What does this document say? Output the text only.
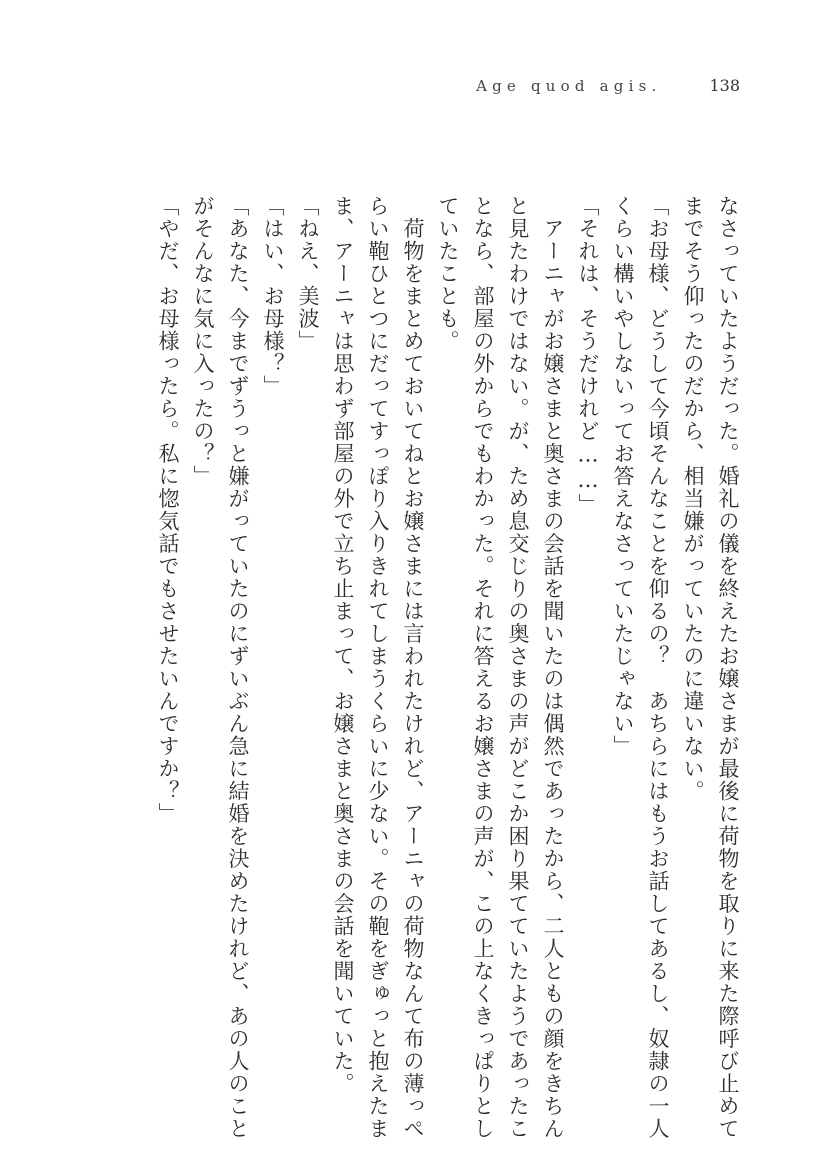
Age quod agis.	138

なさっていたようだった。婚礼の儀を終えたお嬢さまが最後に荷物を取りに来た際呼び止めて

までそう仰ったのだから、相当嫌がっていたのに違いない。

「お母様、どうして今頃そんなことを仰るの？　あちらにはもうお話してあるし、奴隷の一人

くらい構いやしないってお答えなさっていたじゃない」

「それは、そうだけれど……」

　アーニャがお嬢さまと奥さまの会話を聞いたのは偶然であったから、二人ともの顔をきちん

と見たわけではない。が、ため息交じりの奥さまの声がどこか困り果てていたようであったこ

となら、部屋の外からでもわかった。それに答えるお嬢さまの声が、この上なくきっぱりとし

ていたことも。

　荷物をまとめておいてねとお嬢さまには言われたけれど、アーニャの荷物なんて布の薄っぺ

らい鞄ひとつにだってすっぽり入りきれてしまうくらいに少ない。その鞄をぎゅっと抱えたま

ま、アーニャは思わず部屋の外で立ち止まって、お嬢さまと奥さまの会話を聞いていた。

「ねえ、美波」

「はい、お母様？」

「あなた、今までずうっと嫌がっていたのにずいぶん急に結婚を決めたけれど、あの人のこと

がそんなに気に入ったの？」

「やだ、お母様ったら。私に惚気話でもさせたいんですか？」
